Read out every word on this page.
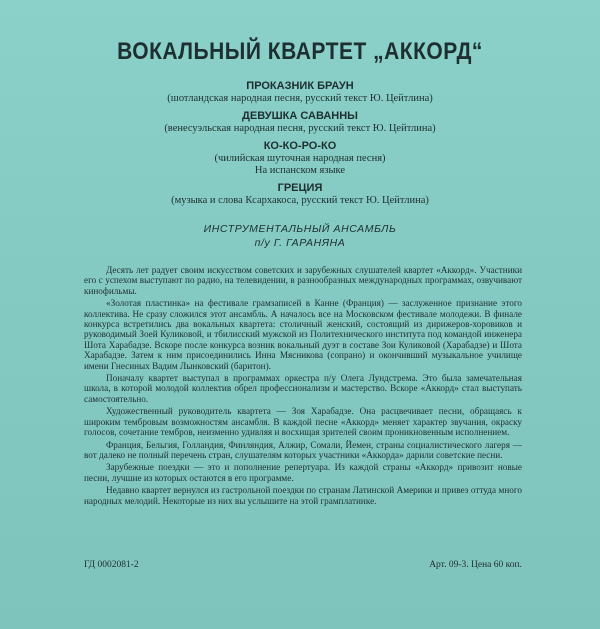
ВОКАЛЬНЫЙ КВАРТЕТ „АККОРД“
ПРОКАЗНИК БРАУН
(шотландская народная песня, русский текст Ю. Цейтлина)
ДЕВУШКА САВАННЫ
(венесуэльская народная песня, русский текст Ю. Цейтлина)
КО-КО-РО-КО
(чилийская шуточная народная песня)
На испанском языке
ГРЕЦИЯ
(музыка и слова Ксархакоса, русский текст Ю. Цейтлина)
ИНСТРУМЕНТАЛЬНЫЙ АНСАМБЛЬ
п/у Г. ГАРАНЯНА

Десять лет радует своим искусством советских и зарубежных слушателей квартет «Аккорд». Участники его с успехом выступают по радио, на телевидении, в разнообразных международных программах, озвучивают кинофильмы.

«Золотая пластинка» на фестивале грамзаписей в Канне (Франция) — заслуженное признание этого коллектива. Не сразу сложился этот ансамбль. А началось все на Московском фестивале молодежи. В финале конкурса встретились два вокальных квартета: столичный женский, состоящий из дирижеров-хоровиков и руководимый Зоей Куликовой, и тбилисский мужской из Политехнического института под командой инженера Шота Харабадзе. Вскоре после конкурса возник вокальный дуэт в составе Зои Куликовой (Харабадзе) и Шота Харабадзе. Затем к ним присоединились Инна Мясникова (сопрано) и окончивший музыкальное училище имени Гнесиных Вадим Лынковский (баритон).

Поначалу квартет выступал в программах оркестра п/у Олега Лундстрема. Это была замечательная школа, в которой молодой коллектив обрел профессионализм и мастерство. Вскоре «Аккорд» стал выступать самостоятельно.

Художественный руководитель квартета — Зоя Харабадзе. Она расцвечивает песни, обращаясь к широким тембровым возможностям ансамбля. В каждой песне «Аккорд» меняет характер звучания, окраску голосов, сочетание тембров, неизменно удивляя и восхищая зрителей своим проникновенным исполнением.

Франция, Бельгия, Голландия, Финляндия, Алжир, Сомали, Йемен, страны социалистического лагеря — вот далеко не полный перечень стран, слушателям которых участники «Аккорда» дарили советские песни.

Зарубежные поездки — это и пополнение репертуара. Из каждой страны «Аккорд» привозит новые песни, лучшие из которых остаются в его программе.

Недавно квартет вернулся из гастрольной поездки по странам Латинской Америки и привез оттуда много народных мелодий. Некоторые из них вы услышите на этой грамплатинке.

ГД 0002081-2	Арт. 09-3. Цена 60 коп.
